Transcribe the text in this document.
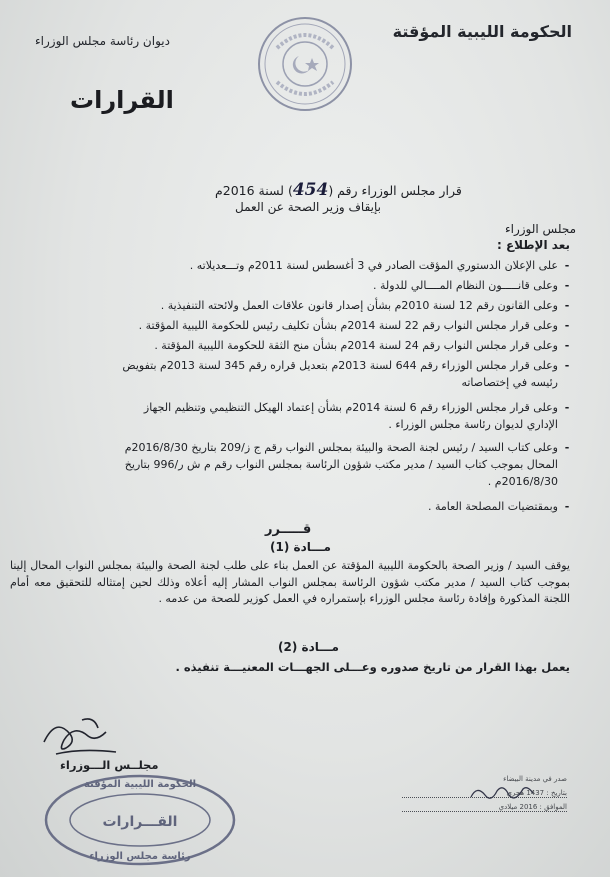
الحكومة الليبية المؤقتة
ديوان رئاسة مجلس الوزراء
القرارات
قرار مجلس الوزراء رقم (454) لسنة 2016م
بإيقاف وزير الصحة عن العمل
مجلس الوزراء
بعد الإطلاع :
-على الإعلان الدستوري المؤقت الصادر في 3 أغسطس لسنة 2011م وتـــعديلاته .
-وعلى قانـــــون النظام المــــالي للدولة .
-وعلى القانون رقم 12 لسنة 2010م بشأن إصدار قانون علاقات العمل ولائحته التنفيذية .
-وعلى قرار مجلس النواب رقم 22 لسنة 2014م بشأن تكليف رئيس للحكومة الليبية المؤقتة .
-وعلى قرار مجلس النواب رقم 24 لسنة 2014م بشأن منح الثقة للحكومة الليبية المؤقتة .
-وعلى قرار مجلس الوزراء رقم 644 لسنة 2013م بتعديل قراره رقم 345 لسنة 2013م بتفويض
رئيسه في إختصاصاته
-وعلى قرار مجلس الوزراء رقم 6 لسنة 2014م بشأن إعتماد الهيكل التنظيمي وتنظيم الجهاز
الإداري لديوان رئاسة مجلس الوزراء .
-وعلى كتاب السيد / رئيس لجنة الصحة والبيئة بمجلس النواب رقم ج ز/209 بتاريخ 2016/8/30م
المحال بموجب كتاب السيد / مدير مكتب شؤون الرئاسة بمجلس النواب رقم م ش ر/996 بتاريخ
2016/8/30م .
-وبمقتضيات المصلحة العامة .
قـــــرر
مـــادة (1)
يوقف السيد / وزير الصحة بالحكومة الليبية المؤقتة عن العمل بناء على طلب لجنة الصحة والبيئة بمجلس النواب المحال إلينا بموجب كتاب السيد / مدير مكتب شؤون الرئاسة بمجلس النواب المشار إليه أعلاه وذلك لحين إمتثاله للتحقيق معه أمام اللجنة المذكورة وإفادة رئاسة مجلس الوزراء بإستمراره في العمل كوزير للصحة من عدمه .
مـــادة (2)
يعمل بهذا القرار من تاريخ صدوره وعـــلى الجهـــات المعنيـــة تنفيذه .
مجلــس الـــوزراء
الحكومة الليبية المؤقتة
القـــرارات
رئاسة مجلس الوزراء
صدر في مدينة البيضاء
بتاريخ : 1437 هجري
الموافق : 2016 ميلادي
